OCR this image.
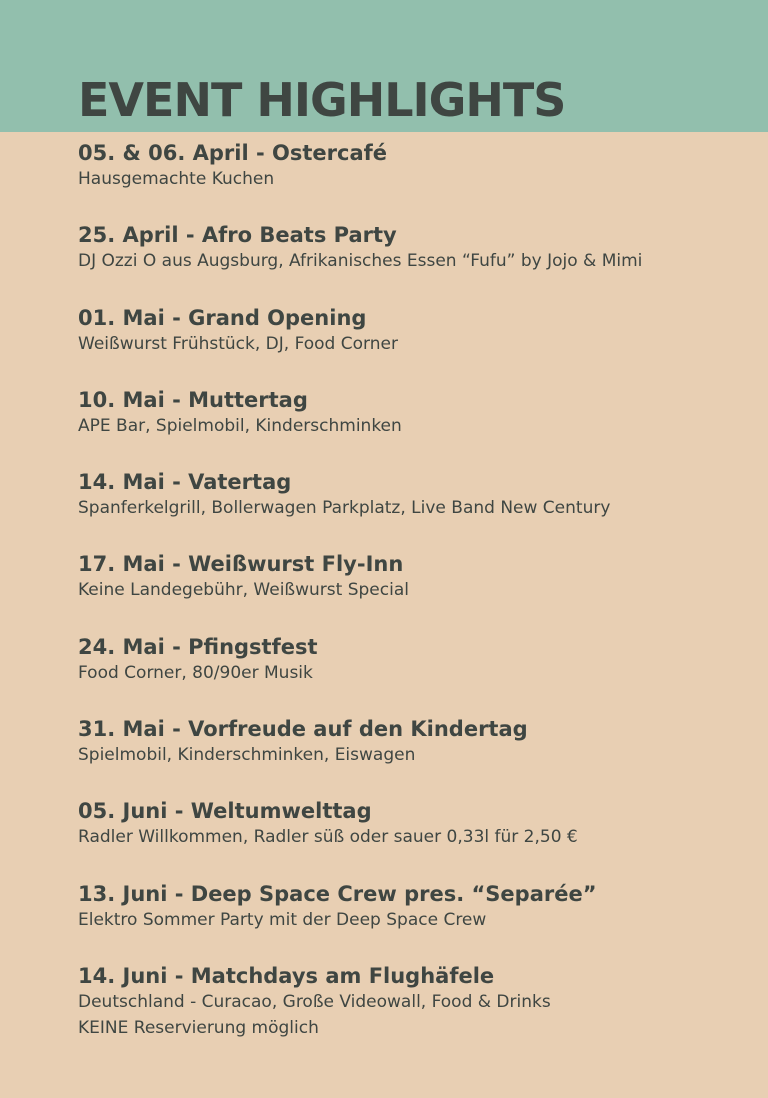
EVENT HIGHLIGHTS
05. & 06. April - Ostercafé
Hausgemachte Kuchen
25. April - Afro Beats Party
DJ Ozzi O aus Augsburg, Afrikanisches Essen “Fufu” by Jojo & Mimi
01. Mai - Grand Opening
Weißwurst Frühstück, DJ, Food Corner
10. Mai - Muttertag
APE Bar, Spielmobil, Kinderschminken
14. Mai - Vatertag
Spanferkelgrill, Bollerwagen Parkplatz, Live Band New Century
17. Mai - Weißwurst Fly-Inn
Keine Landegebühr, Weißwurst Special
24. Mai - Pfingstfest
Food Corner, 80/90er Musik
31. Mai - Vorfreude auf den Kindertag
Spielmobil, Kinderschminken, Eiswagen
05. Juni - Weltumwelttag
Radler Willkommen, Radler süß oder sauer 0,33l für 2,50 €
13. Juni - Deep Space Crew pres. “Separée”
Elektro Sommer Party mit der Deep Space Crew
14. Juni - Matchdays am Flughäfele
Deutschland - Curacao, Große Videowall, Food & Drinks
KEINE Reservierung möglich
